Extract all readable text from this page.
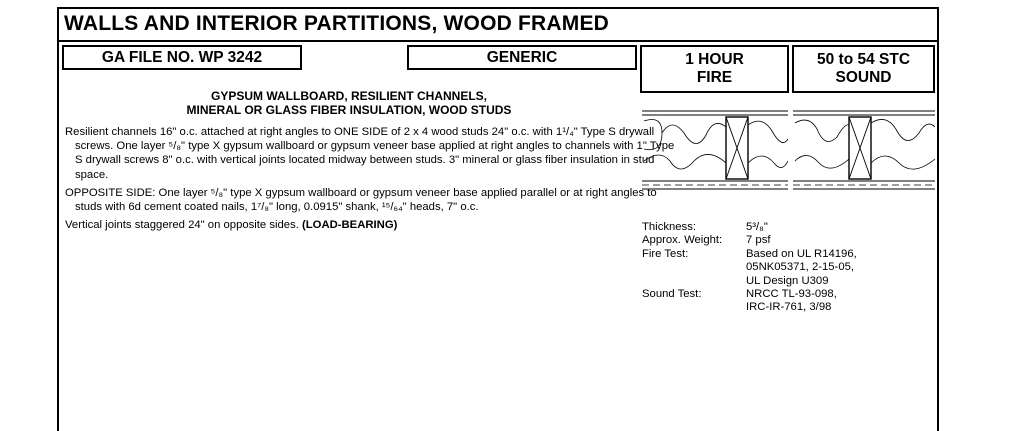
WALLS AND INTERIOR PARTITIONS, WOOD FRAMED
GA FILE NO. WP 3242	GENERIC	1 HOUR
FIRE
50 to 54 STC
SOUND
GYPSUM WALLBOARD, RESILIENT CHANNELS,
MINERAL OR GLASS FIBER INSULATION, WOOD STUDS

Resilient channels 16" o.c. attached at right angles to ONE SIDE of 2 x 4 wood studs 24" o.c. with 1¹/₄" Type S drywall screws. One layer ⁵/₈" type X gypsum wallboard or gypsum veneer base applied at right angles to channels with 1" Type S drywall screws 8" o.c. with vertical joints located midway between studs. 3" mineral or glass fiber insulation in stud space.

OPPOSITE SIDE: One layer ⁵/₈" type X gypsum wallboard or gypsum veneer base applied parallel or at right angles to studs with 6d cement coated nails, 1⁷/₈" long, 0.0915" shank, ¹⁵/₆₄" heads, 7" o.c.

Vertical joints staggered 24" on opposite sides. (LOAD-BEARING)	Thickness:	5³/₈"
Approx. Weight:	7 psf
Fire Test:	Based on UL R14196,
05NK05371, 2-15-05,
UL Design U309
Sound Test:	NRCC TL-93-098,
IRC-IR-761, 3/98
